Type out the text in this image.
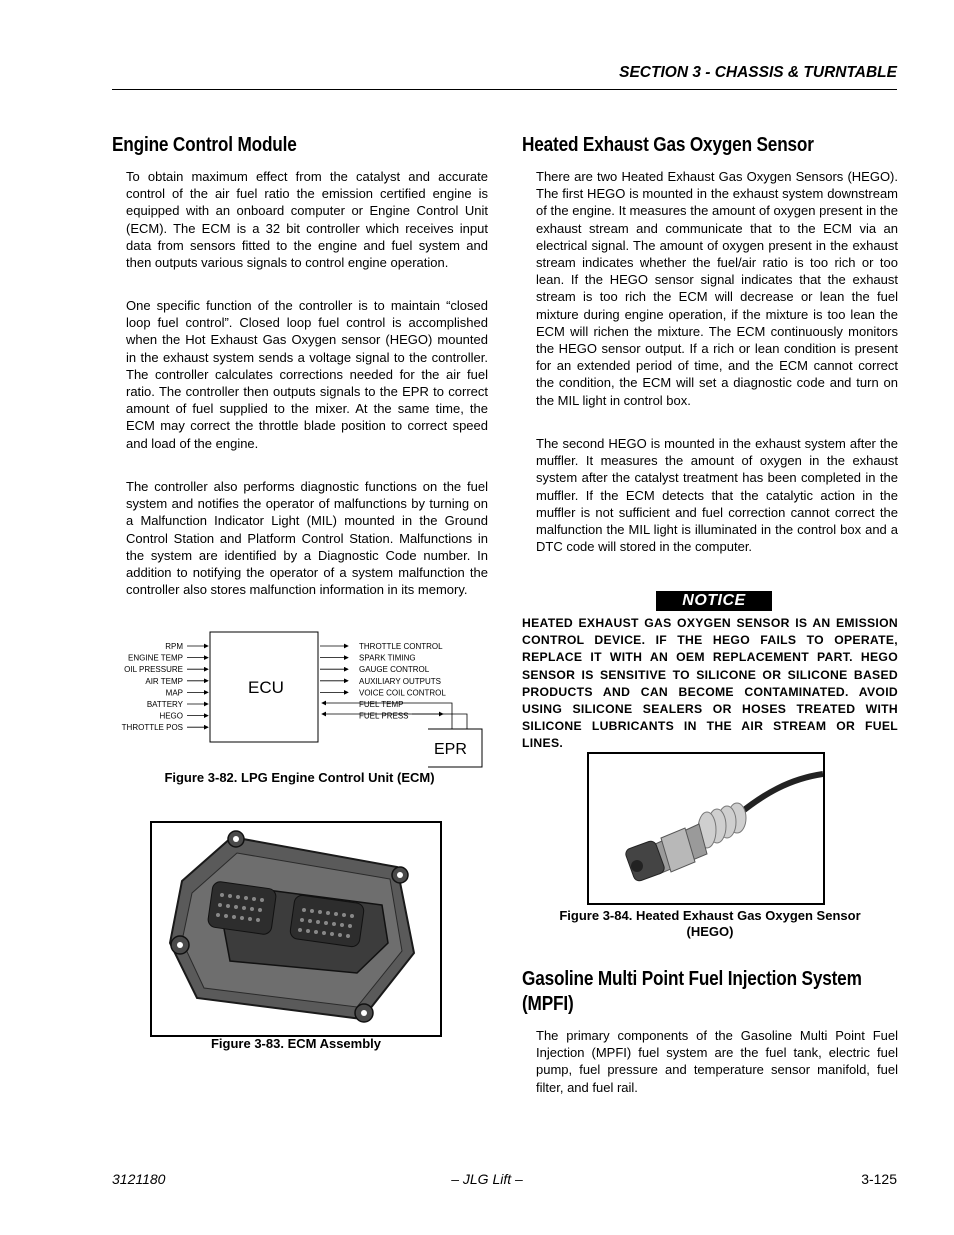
SECTION 3 - CHASSIS & TURNTABLE
Engine Control Module

To obtain maximum effect from the catalyst and accurate control of the air fuel ratio the emission certified engine is equipped with an onboard computer or Engine Control Unit (ECM). The ECM is a 32 bit controller which receives input data from sensors fitted to the engine and fuel system and then outputs various signals to control engine operation.

One specific function of the controller is to maintain “closed loop fuel control”. Closed loop fuel control is accomplished when the Hot Exhaust Gas Oxygen sensor (HEGO) mounted in the exhaust system sends a voltage signal to the controller. The controller calculates corrections needed for the air fuel ratio. The controller then outputs signals to the EPR to correct amount of fuel supplied to the mixer. At the same time, the ECM may correct the throttle blade position to correct speed and load of the engine.

The controller also performs diagnostic functions on the fuel system and notifies the operator of malfunctions by turning on a Malfunction Indicator Light (MIL) mounted in the Ground Control Station and Platform Control Station. Malfunctions in the system are identified by a Diagnostic Code number. In addition to notifying the operator of a system malfunction the controller also stores malfunction information in its memory.

ECU
RPM
ENGINE TEMP
OIL PRESSURE
AIR TEMP
MAP
BATTERY
HEGO
THROTTLE POS
THROTTLE CONTROL
SPARK TIMING
GAUGE CONTROL
AUXILIARY OUTPUTS
VOICE COIL CONTROL
FUEL TEMP
FUEL PRESS
EPR
Figure 3-82. LPG Engine Control Unit (ECM)
Figure 3-83. ECM Assembly
Heated Exhaust Gas Oxygen Sensor

There are two Heated Exhaust Gas Oxygen Sensors (HEGO). The first HEGO is mounted in the exhaust system downstream of the engine. It measures the amount of oxygen present in the exhaust stream and communicate that to the ECM via an electrical signal. The amount of oxygen present in the exhaust stream indicates whether the fuel/air ratio is too rich or too lean. If the HEGO sensor signal indicates that the exhaust stream is too rich the ECM will decrease or lean the fuel mixture during engine operation, if the mixture is too lean the ECM will richen the mixture. The ECM continuously monitors the HEGO sensor output. If a rich or lean condition is present for an extended period of time, and the ECM cannot correct the condition, the ECM will set a diagnostic code and turn on the MIL light in control box.

The second HEGO is mounted in the exhaust system after the muffler. It measures the amount of oxygen in the exhaust system after the catalyst treatment has been completed in the muffler. If the ECM detects that the catalytic action in the muffler is not sufficient and fuel correction cannot correct the malfunction the MIL light is illuminated in the control box and a DTC code will stored in the computer.

NOTICE
HEATED EXHAUST GAS OXYGEN SENSOR IS AN EMISSION CONTROL DEVICE. IF THE HEGO FAILS TO OPERATE, REPLACE IT WITH AN OEM REPLACEMENT PART. HEGO SENSOR IS SENSITIVE TO SILICONE OR SILICONE BASED PRODUCTS AND CAN BECOME CONTAMINATED. AVOID USING SILICONE SEALERS OR HOSES TREATED WITH SILICONE LUBRICANTS IN THE AIR STREAM OR FUEL LINES.
Figure 3-84. Heated Exhaust Gas Oxygen Sensor
(HEGO)
Gasoline Multi Point Fuel Injection System
(MPFI)

The primary components of the Gasoline Multi Point Fuel Injection (MPFI) fuel system are the fuel tank, electric fuel pump, fuel pressure and temperature sensor manifold, fuel filter, and fuel rail.

3121180	– JLG Lift –	3-125
